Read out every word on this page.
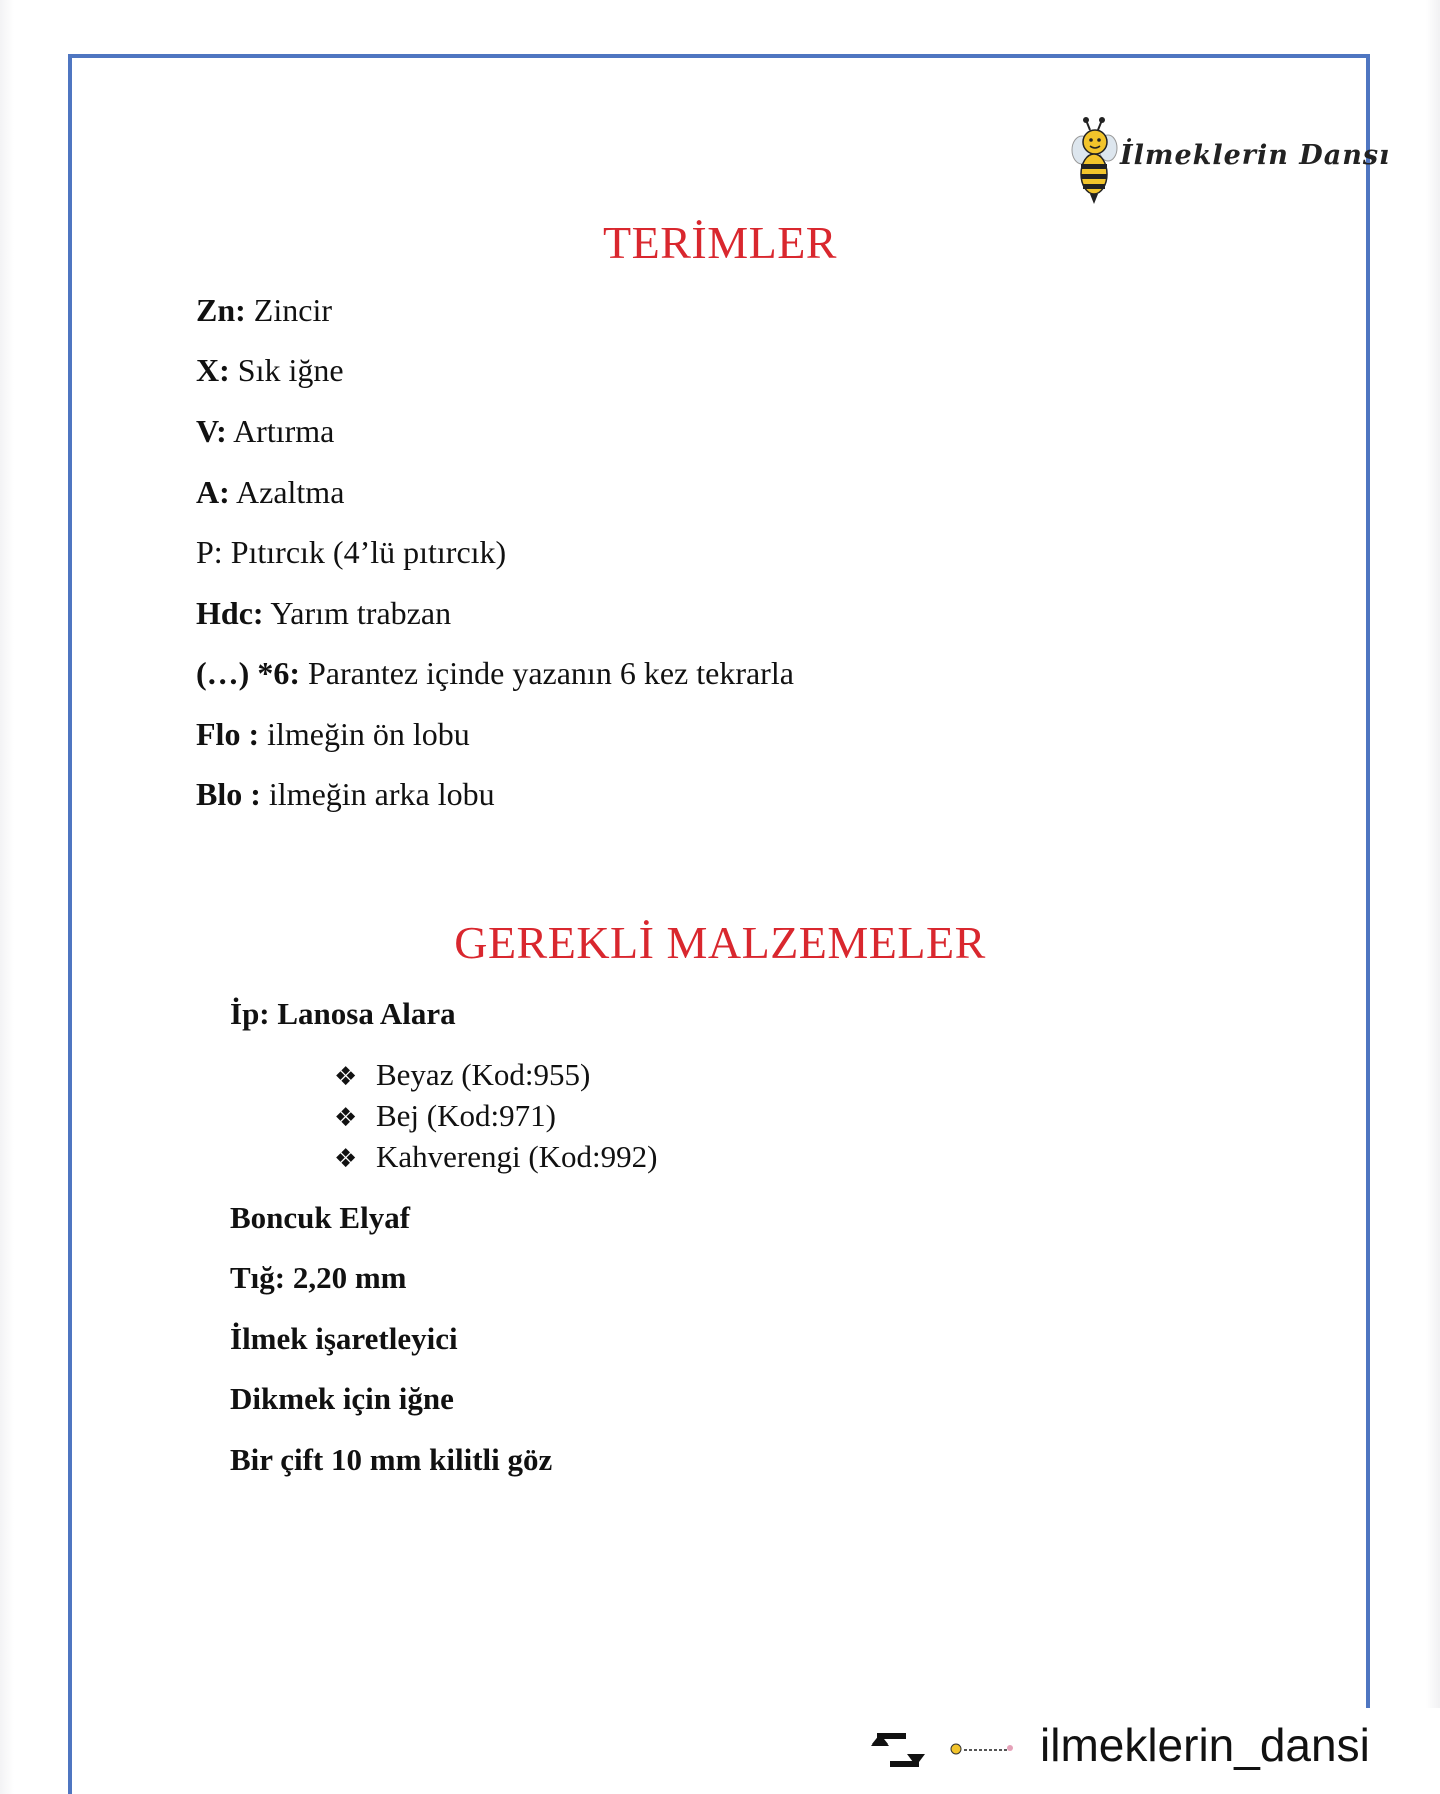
İlmeklerin Dansı
TERİMLER
Zn: Zincir
X: Sık iğne
V: Artırma
A: Azaltma
P: Pıtırcık (4’lü pıtırcık)
Hdc: Yarım trabzan
(…) *6: Parantez içinde yazanın 6 kez tekrarla
Flo : ilmeğin ön lobu
Blo : ilmeğin arka lobu
GEREKLİ MALZEMELER
İp: Lanosa Alara
❖ Beyaz (Kod:955)
❖ Bej (Kod:971)
❖ Kahverengi (Kod:992)
Boncuk Elyaf
Tığ: 2,20 mm
İlmek işaretleyici
Dikmek için iğne
Bir çift 10 mm kilitli göz
ilmeklerin_dansi
